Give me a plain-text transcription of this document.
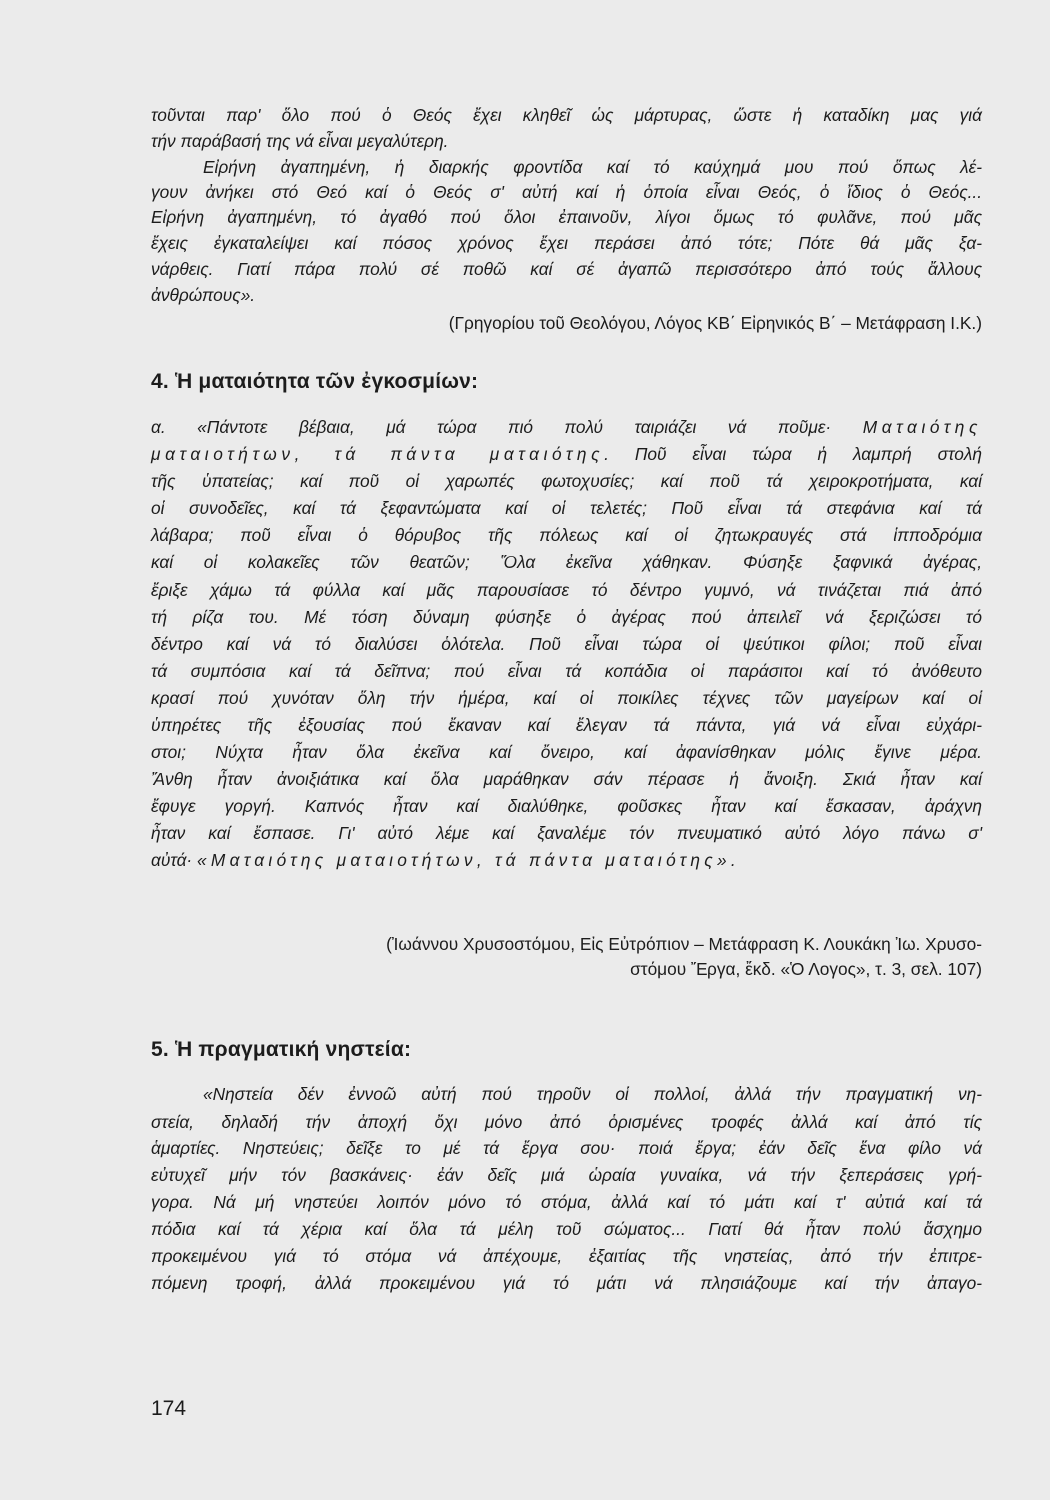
τοῦνται παρ' ὅλο πού ὁ Θεός ἔχει κληθεῖ ὡς μάρτυρας, ὥστε ἡ καταδίκη μας γιά
τήν παράβασή της νά εἶναι μεγαλύτερη.
Εἰρήνη ἀγαπημένη, ἡ διαρκής φροντίδα καί τό καύχημά μου πού ὅπως λέ-
γουν ἀνήκει στό Θεό καί ὁ Θεός σ' αὐτή καί ἡ ὁποία εἶναι Θεός, ὁ ἴδιος ὁ Θεός...
Εἰρήνη ἀγαπημένη, τό ἀγαθό πού ὅλοι ἐπαινοῦν, λίγοι ὅμως τό φυλᾶνε, πού μᾶς
ἔχεις ἐγκαταλείψει καί πόσος χρόνος ἔχει περάσει ἀπό τότε; Πότε θά μᾶς ξα-
νάρθεις. Γιατί πάρα πολύ σέ ποθῶ καί σέ ἀγαπῶ περισσότερο ἀπό τούς ἄλλους
ἀνθρώπους».
(Γρηγορίου τοῦ Θεολόγου, Λόγος ΚΒ΄ Εἰρηνικός Β΄ – Μετάφραση Ι.Κ.)
4. Ἡ ματαιότητα τῶν ἐγκοσμίων:
α. «Πάντοτε βέβαια, μά τώρα πιό πολύ ταιριάζει νά ποῦμε· Ματαιότης
ματαιοτήτων, τά πάντα ματαιότης. Ποῦ εἶναι τώρα ἡ λαμπρή στολή
τῆς ὑπατείας; καί ποῦ οἱ χαρωπές φωτοχυσίες; καί ποῦ τά χειροκροτήματα, καί
οἱ συνοδεῖες, καί τά ξεφαντώματα καί οἱ τελετές; Ποῦ εἶναι τά στεφάνια καί τά
λάβαρα; ποῦ εἶναι ὁ θόρυβος τῆς πόλεως καί οἱ ζητωκραυγές στά ἱπποδρόμια
καί οἱ κολακεῖες τῶν θεατῶν; Ὅλα ἐκεῖνα χάθηκαν. Φύσηξε ξαφνικά ἀγέρας,
ἔριξε χάμω τά φύλλα καί μᾶς παρουσίασε τό δέντρο γυμνό, νά τινάζεται πιά ἀπό
τή ρίζα του. Μέ τόση δύναμη φύσηξε ὁ ἀγέρας πού ἀπειλεῖ νά ξεριζώσει τό
δέντρο καί νά τό διαλύσει ὁλότελα. Ποῦ εἶναι τώρα οἱ ψεύτικοι φίλοι; ποῦ εἶναι
τά συμπόσια καί τά δεῖπνα; πού εἶναι τά κοπάδια οἱ παράσιτοι καί τό ἀνόθευτο
κρασί πού χυνόταν ὅλη τήν ἡμέρα, καί οἱ ποικίλες τέχνες τῶν μαγείρων καί οἱ
ὑπηρέτες τῆς ἐξουσίας πού ἔκαναν καί ἔλεγαν τά πάντα, γιά νά εἶναι εὐχάρι-
στοι; Νύχτα ἦταν ὅλα ἐκεῖνα καί ὄνειρο, καί ἀφανίσθηκαν μόλις ἔγινε μέρα.
Ἄνθη ἦταν ἀνοιξιάτικα καί ὅλα μαράθηκαν σάν πέρασε ἡ ἄνοιξη. Σκιά ἦταν καί
ἔφυγε γοργή. Καπνός ἦταν καί διαλύθηκε, φοῦσκες ἦταν καί ἔσκασαν, ἀράχνη
ἦταν καί ἔσπασε. Γι' αὐτό λέμε καί ξαναλέμε τόν πνευματικό αὐτό λόγο πάνω σ'
αὐτά· «Ματαιότης ματαιοτήτων, τά πάντα ματαιότης».
(Ἰωάννου Χρυσοστόμου, Εἰς Εὐτρόπιον – Μετάφραση Κ. Λουκάκη Ἰω. Χρυσο-
στόμου Ἔργα, ἔκδ. «Ὁ Λογος», τ. 3, σελ. 107)
5. Ἡ πραγματική νηστεία:
«Νηστεία δέν ἐννοῶ αὐτή πού τηροῦν οἱ πολλοί, ἀλλά τήν πραγματική νη-
στεία, δηλαδή τήν ἀποχή ὄχι μόνο ἀπό ὁρισμένες τροφές ἀλλά καί ἀπό τίς
ἁμαρτίες. Νηστεύεις; δεῖξε το μέ τά ἔργα σου· ποιά ἔργα; ἐάν δεῖς ἕνα φίλο νά
εὐτυχεῖ μήν τόν βασκάνεις· ἐάν δεῖς μιά ὡραία γυναίκα, νά τήν ξεπεράσεις γρή-
γορα. Νά μή νηστεύει λοιπόν μόνο τό στόμα, ἀλλά καί τό μάτι καί τ' αὐτιά καί τά
πόδια καί τά χέρια καί ὅλα τά μέλη τοῦ σώματος... Γιατί θά ἦταν πολύ ἄσχημο
προκειμένου γιά τό στόμα νά ἀπέχουμε, ἐξαιτίας τῆς νηστείας, ἀπό τήν ἐπιτρε-
πόμενη τροφή, ἀλλά προκειμένου γιά τό μάτι νά πλησιάζουμε καί τήν ἀπαγο-
174
